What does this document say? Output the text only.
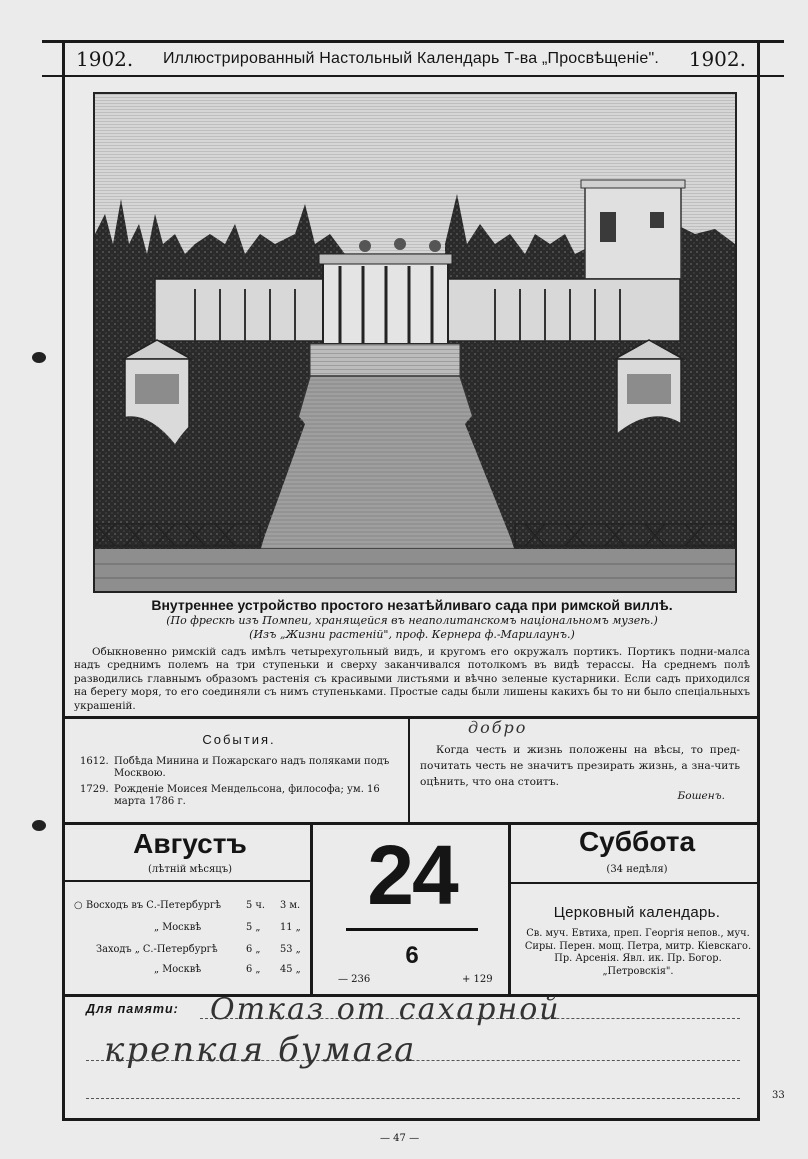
1902. Иллюстрированный Настольный Календарь Т-ва „Просвѣщеніе". 1902.
Внутреннее устройство простого незатѣйливаго сада при римской виллѣ.
(По фрескѣ изъ Помпеи, хранящейся въ неаполитанскомъ національномъ музеѣ.)
(Изъ „Жизни растеній", проф. Кернера ф.-Марилаунъ.)
Обыкновенно римскій садъ имѣлъ четырехугольный видъ, и кругомъ его окружалъ портикъ. Портикъ подни-малса надъ среднимъ полемъ на три ступеньки и сверху заканчивался потолкомъ въ видѣ терассы. На среднемъ полѣ разводились главнымъ образомъ растенія съ красивыми листьями и вѣчно зеленые кустарники. Если садъ приходился на берегу моря, то его соединяли съ нимъ ступеньками. Простые сады были лишены какихъ бы то ни было спеціальныхъ украшеній.
События.
1612. Побѣда Минина и Пожарскаго надъ поляками подъ Москвою.
1729. Рожденіе Моисея Мендельсона, философа; ум. 16 марта 1786 г.
добро
Когда честь и жизнь положены на вѣсы, то пред-почитать честь не значитъ презирать жизнь, а зна-чить оцѣнить, что она стоитъ.
Бошенъ.
Августъ
(лѣтній мѣсяцъ)
○ Восходъ въ С.-Петербургѣ	5 ч. 3 м.
„ Москвѣ	5 „ 11 „
Заходъ „ С.-Петербургѣ	6 „ 53 „
„ Москвѣ	6 „ 45 „
24
6
— 236	+ 129
Суббота
(34 недѣля)
Церковный календарь.
Св. муч. Евтиха, преп. Георгія непов., муч. Сиры. Перен. мощ. Петра, митр. Кіевскаго. Пр. Арсенія. Явл. ик. Пр. Богор. „Петровскія".
Для памяти: Отказ от сахарной
крепкая бумага
— 47 —
33
